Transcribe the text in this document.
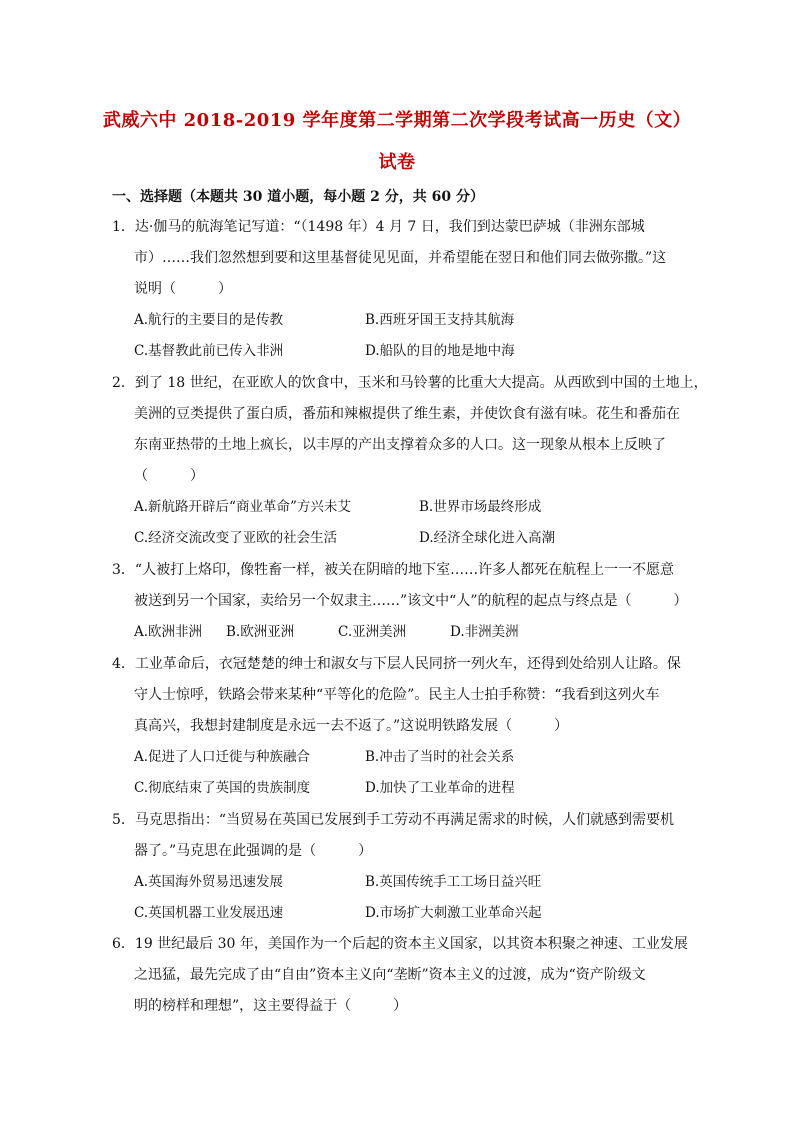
武威六中 2018-2019 学年度第二学期第二次学段考试高一历史（文）
试卷
一、选择题（本题共 30 道小题，每小题 2 分，共 60 分）
1．达·伽马的航海笔记写道：“（1498 年）4 月 7 日，我们到达蒙巴萨城（非洲东部城
市）……我们忽然想到要和这里基督徒见见面，并希望能在翌日和他们同去做弥撒。”这
说明（　　　）
A.航行的主要目的是传教	B.西班牙国王支持其航海
C.基督教此前已传入非洲	D.船队的目的地是地中海
2．到了 18 世纪，在亚欧人的饮食中，玉米和马铃薯的比重大大提高。从西欧到中国的土地上，
美洲的豆类提供了蛋白质，番茄和辣椒提供了维生素，并使饮食有滋有味。花生和番茄在
东南亚热带的土地上疯长，以丰厚的产出支撑着众多的人口。这一现象从根本上反映了
（　　　）
A.新航路开辟后“商业革命”方兴未艾	B.世界市场最终形成
C.经济交流改变了亚欧的社会生活	D.经济全球化进入高潮
3．“人被打上烙印，像牲畜一样，被关在阴暗的地下室……许多人都死在航程上一一不愿意
被送到另一个国家，卖给另一个奴隶主……”该文中“人”的航程的起点与终点是（　　　）
A.欧洲非洲 B.欧洲亚洲	C.亚洲美洲	D.非洲美洲
4．工业革命后，衣冠楚楚的绅士和淑女与下层人民同挤一列火车，还得到处给别人让路。保
守人士惊呼，铁路会带来某种“平等化的危险”。民主人士拍手称赞：“我看到这列火车
真高兴，我想封建制度是永远一去不返了。”这说明铁路发展（　　　）
A.促进了人口迁徙与种族融合	B.冲击了当时的社会关系
C.彻底结束了英国的贵族制度	D.加快了工业革命的进程
5．马克思指出：“当贸易在英国已发展到手工劳动不再满足需求的时候，人们就感到需要机
器了。”马克思在此强调的是（　　　）
A.英国海外贸易迅速发展	B.英国传统手工工场日益兴旺
C.英国机器工业发展迅速	D.市场扩大刺激工业革命兴起
6．19 世纪最后 30 年，美国作为一个后起的资本主义国家，以其资本积聚之神速、工业发展
之迅猛，最先完成了由“自由”资本主义向“垄断”资本主义的过渡，成为“资产阶级文
明的榜样和理想”，这主要得益于（　　　）
